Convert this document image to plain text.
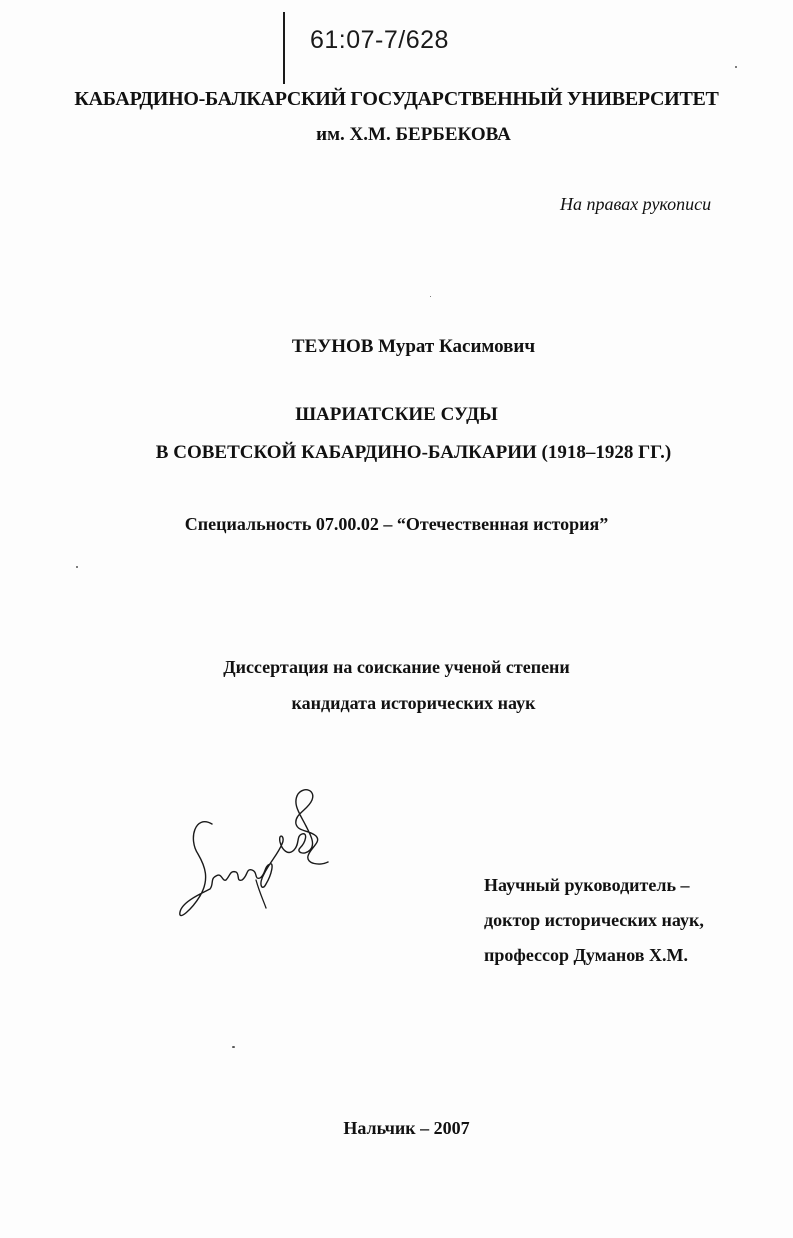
61:07-7/628
КАБАРДИНО-БАЛКАРСКИЙ ГОСУДАРСТВЕННЫЙ УНИВЕРСИТЕТ
им. Х.М. БЕРБЕКОВА
На правах рукописи
ТЕУНОВ Мурат Касимович
ШАРИАТСКИЕ СУДЫ
В СОВЕТСКОЙ КАБАРДИНО-БАЛКАРИИ (1918–1928 ГГ.)
Специальность 07.00.02 – “Отечественная история”
Диссертация на соискание ученой степени
кандидата исторических наук
Научный руководитель –
доктор исторических наук,
профессор Думанов Х.М.
Нальчик – 2007
